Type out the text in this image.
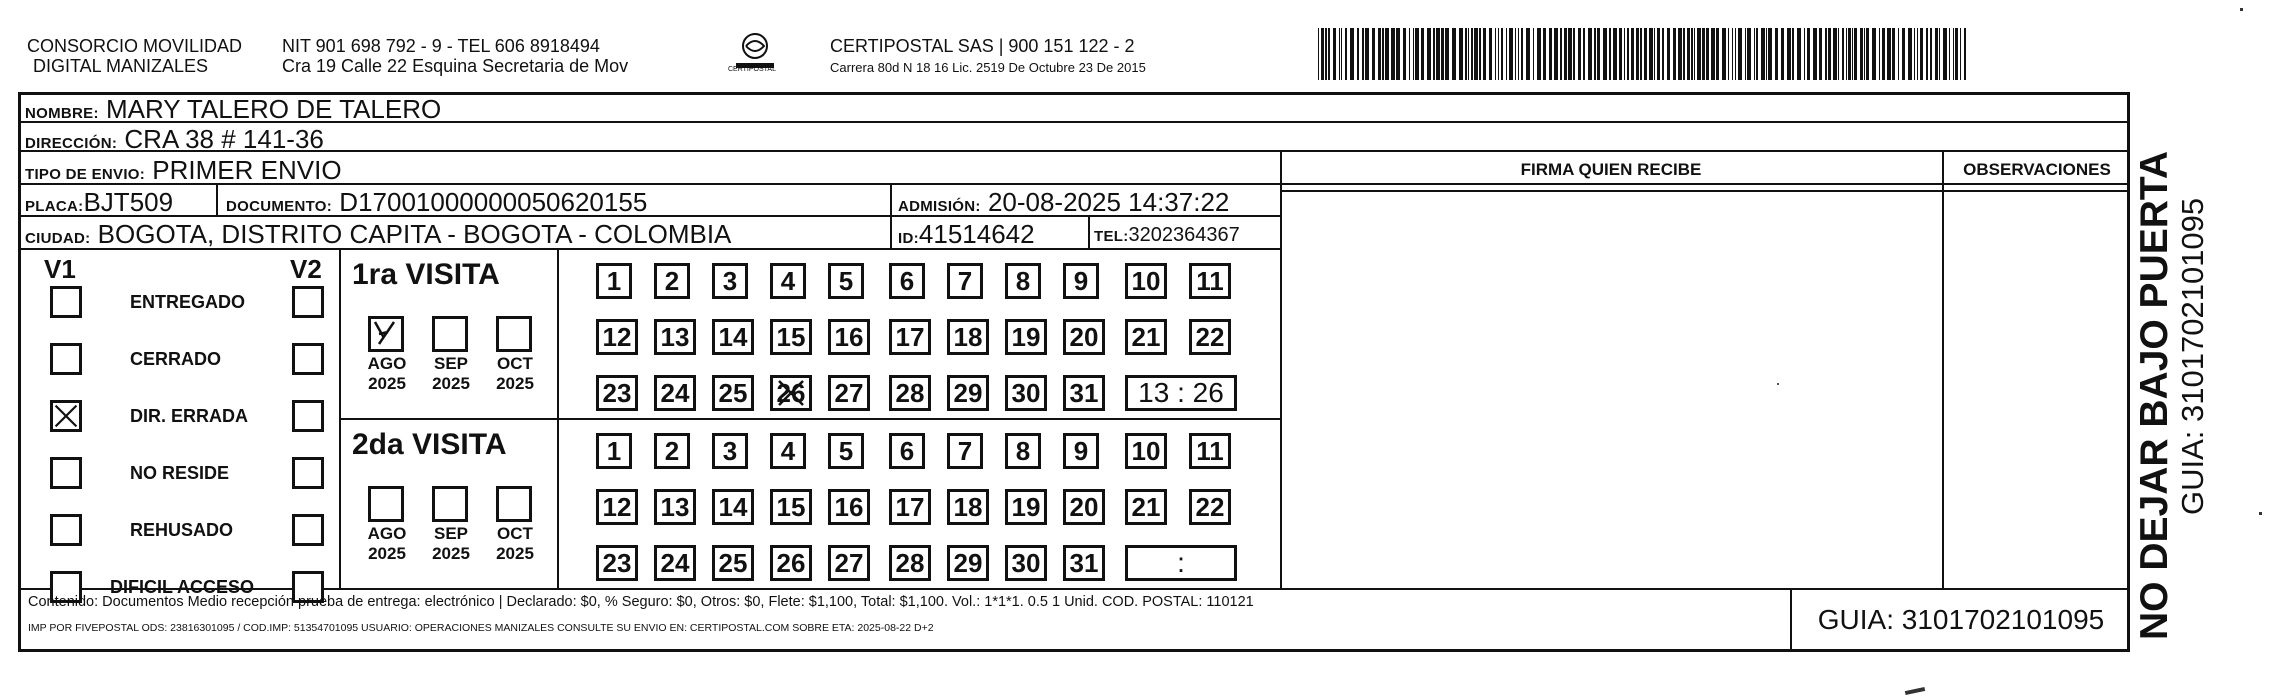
CONSORCIO MOVILIDAD
DIGITAL MANIZALES
NIT 901 698 792 - 9 - TEL 606 8918494
Cra 19 Calle 22 Esquina Secretaria de Mov	CERTIPOSTAL
CERTIPOSTAL SAS | 900 151 122 - 2
Carrera 80d N 18 16 Lic. 2519 De Octubre 23 De 2015
NOMBRE: MARY TALERO DE TALERO
DIRECCIÓN: CRA 38 # 141-36
TIPO DE ENVIO: PRIMER ENVIO	FIRMA QUIEN RECIBE	OBSERVACIONES
PLACA:BJT509	DOCUMENTO: D17001000000050620155	ADMISIÓN: 20-08-2025 14:37:22
CIUDAD: BOGOTA, DISTRITO CAPITA - BOGOTA - COLOMBIA	ID:41514642	TEL:3202364367
V1	V2
ENTREGADO
CERRADO
DIR. ERRADA
NO RESIDE
REHUSADO
DIFICIL ACCESO
1ra VISITA
AGO
2025
SEP
2025
OCT
2025
1 2 3 4 5 6 7 8 9 10 11
12 13 14 15 16 17 18 19 20 21 22
23 24 25 26 27 28 29 30 31 13 : 26
2da VISITA
AGO
2025
SEP
2025
OCT
2025
1 2 3 4 5 6 7 8 9 10 11
12 13 14 15 16 17 18 19 20 21 22
23 24 25 26 27 28 29 30 31	:
Contenido: Documentos Medio recepción prueba de entrega: electrónico | Declarado: $0, % Seguro: $0, Otros: $0, Flete: $1,100, Total: $1,100. Vol.: 1*1*1. 0.5 1 Unid. COD. POSTAL: 110121
IMP POR FIVEPOSTAL ODS: 23816301095 / COD.IMP: 51354701095 USUARIO: OPERACIONES MANIZALES CONSULTE SU ENVIO EN: CERTIPOSTAL.COM SOBRE ETA: 2025-08-22 D+2	GUIA: 3101702101095 NO DEJAR BAJO PUERTA GUIA: 3101702101095
